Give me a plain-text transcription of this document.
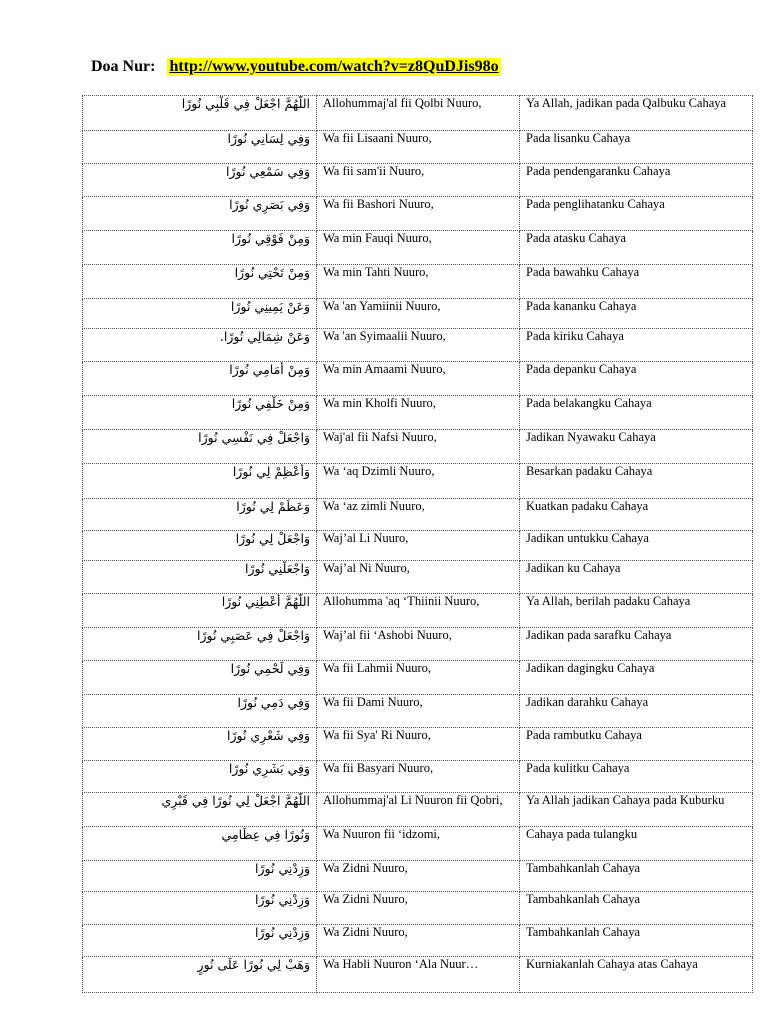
Doa Nur: http://www.youtube.com/watch?v=z8QuDJis98o
اللَّهُمَّ اجْعَلْ فِي قَلْبِي نُورًا	Allohummaj'al fii Qolbi Nuuro,	Ya Allah, jadikan pada Qalbuku Cahaya
وَفِي لِسَانِي نُورًا	Wa fii Lisaani Nuuro,	Pada lisanku Cahaya
وَفِي سَمْعِي نُورًا	Wa fii sam'ii Nuuro,	Pada pendengaranku Cahaya
وَفِي بَصَرِي نُورًا	Wa fii Bashori Nuuro,	Pada penglihatanku Cahaya
وَمِنْ فَوْقِي نُورًا	Wa min Fauqi Nuuro,	Pada atasku Cahaya
وَمِنْ تَحْتِي نُورًا	Wa min Tahti Nuuro,	Pada bawahku Cahaya
وَعَنْ يَمِينِي نُورًا	Wa 'an Yamiinii Nuuro,	Pada kananku Cahaya
وَعَنْ شِمَالِي نُورًا.	Wa 'an Syimaalii Nuuro,	Pada kiriku Cahaya
وَمِنْ أَمَامِي نُورًا	Wa min Amaami Nuuro,	Pada depanku Cahaya
وَمِنْ خَلْفِي نُورًا	Wa min Kholfi Nuuro,	Pada belakangku Cahaya
وَاجْعَلْ فِي نَفْسِي نُورًا	Waj'al fii Nafsi Nuuro,	Jadikan Nyawaku Cahaya
وَأَعْظِمْ لِي نُورًا	Wa ‘aq Dzimli Nuuro,	Besarkan padaku Cahaya
وَعَظِّمْ لِي نُورًا	Wa ‘az zimli Nuuro,	Kuatkan padaku Cahaya
وَاجْعَلْ لِي نُورًا	Waj’al Li Nuuro,	Jadikan untukku Cahaya
وَاجْعَلْنِي نُورًا	Waj’al Ni Nuuro,	Jadikan ku Cahaya
اللَّهُمَّ أَعْطِنِي نُورًا	Allohumma 'aq ‘Thiinii Nuuro,	Ya Allah, berilah padaku Cahaya
وَاجْعَلْ فِي عَصَبِي نُورًا	Waj’al fii ‘Ashobi Nuuro,	Jadikan pada sarafku Cahaya
وَفِي لَحْمِي نُورًا	Wa fii Lahmii Nuuro,	Jadikan dagingku Cahaya
وَفِي دَمِي نُورًا	Wa fii Dami Nuuro,	Jadikan darahku Cahaya
وَفِي شَعْرِي نُورًا	Wa fii Sya' Ri Nuuro,	Pada rambutku Cahaya
وَفِي بَشَرِي نُورًا	Wa fii Basyari Nuuro,	Pada kulitku Cahaya
اللَّهُمَّ اجْعَلْ لِي نُورًا فِي قَبْرِي	Allohummaj'al Li Nuuron fii Qobri,	Ya Allah jadikan Cahaya pada Kuburku
وَنُورًا فِي عِظَامِي	Wa Nuuron fii ‘idzomi,	Cahaya pada tulangku
وَزِدْنِي نُورًا	Wa Zidni Nuuro,	Tambahkanlah Cahaya
وَزِدْنِي نُورًا	Wa Zidni Nuuro,	Tambahkanlah Cahaya
وَزِدْنِي نُورًا	Wa Zidni Nuuro,	Tambahkanlah Cahaya
وَهَبْ لِي نُورًا عَلَى نُورٍ	Wa Habli Nuuron ‘Ala Nuur…	Kurniakanlah Cahaya atas Cahaya
